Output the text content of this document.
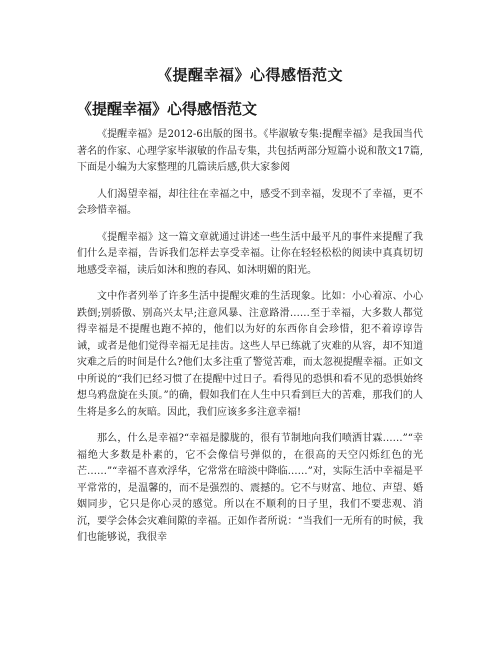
《提醒幸福》心得感悟范文
《提醒幸福》心得感悟范文

《提醒幸福》是2012-6出版的图书。《毕淑敏专集:提醒幸福》是我国当代著名的作家、心理学家毕淑敏的作品专集，共包括两部分短篇小说和散文17篇,下面是小编为大家整理的几篇读后感,供大家参阅

人们渴望幸福，却往往在幸福之中，感受不到幸福，发现不了幸福，更不会珍惜幸福。

《提醒幸福》这一篇文章就通过讲述一些生活中最平凡的事件来提醒了我们什么是幸福，告诉我们怎样去享受幸福。让你在轻轻松松的阅读中真真切切地感受幸福，读后如沐和煦的春风、如沐明媚的阳光。

文中作者列举了许多生活中提醒灾难的生活现象。比如：小心着凉、小心跌倒;别骄傲、别高兴太早;注意风暴、注意路滑……至于幸福，大多数人都觉得幸福是不提醒也跑不掉的，他们以为好的东西你自会珍惜，犯不着谆谆告诫，或者是他们觉得幸福无足挂齿。这些人早已练就了灾难的从容，却不知道灾难之后的时间是什么?他们太多注重了警觉苦难，而太忽视提醒幸福。正如文中所说的“我们已经习惯了在提醒中过日子。看得见的恐惧和看不见的恐惧始终想乌鸦盘旋在头顶。”的确，假如我们在人生中只看到巨大的苦难，那我们的人生将是多么的灰暗。因此，我们应该多多注意幸福!

那么，什么是幸福?“幸福是朦胧的，很有节制地向我们喷洒甘霖……”“幸福绝大多数是朴素的，它不会像信号弹似的，在很高的天空闪烁红色的光芒……”“幸福不喜欢浮华，它常常在暗淡中降临……”对，实际生活中幸福是平平常常的，是温馨的，而不是强烈的、震撼的。它不与财富、地位、声望、婚姻同步，它只是你心灵的感觉。所以在不顺利的日子里，我们不要悲观、消沉，要学会体会灾难间隙的幸福。正如作者所说：“当我们一无所有的时候，我们也能够说，我很幸
